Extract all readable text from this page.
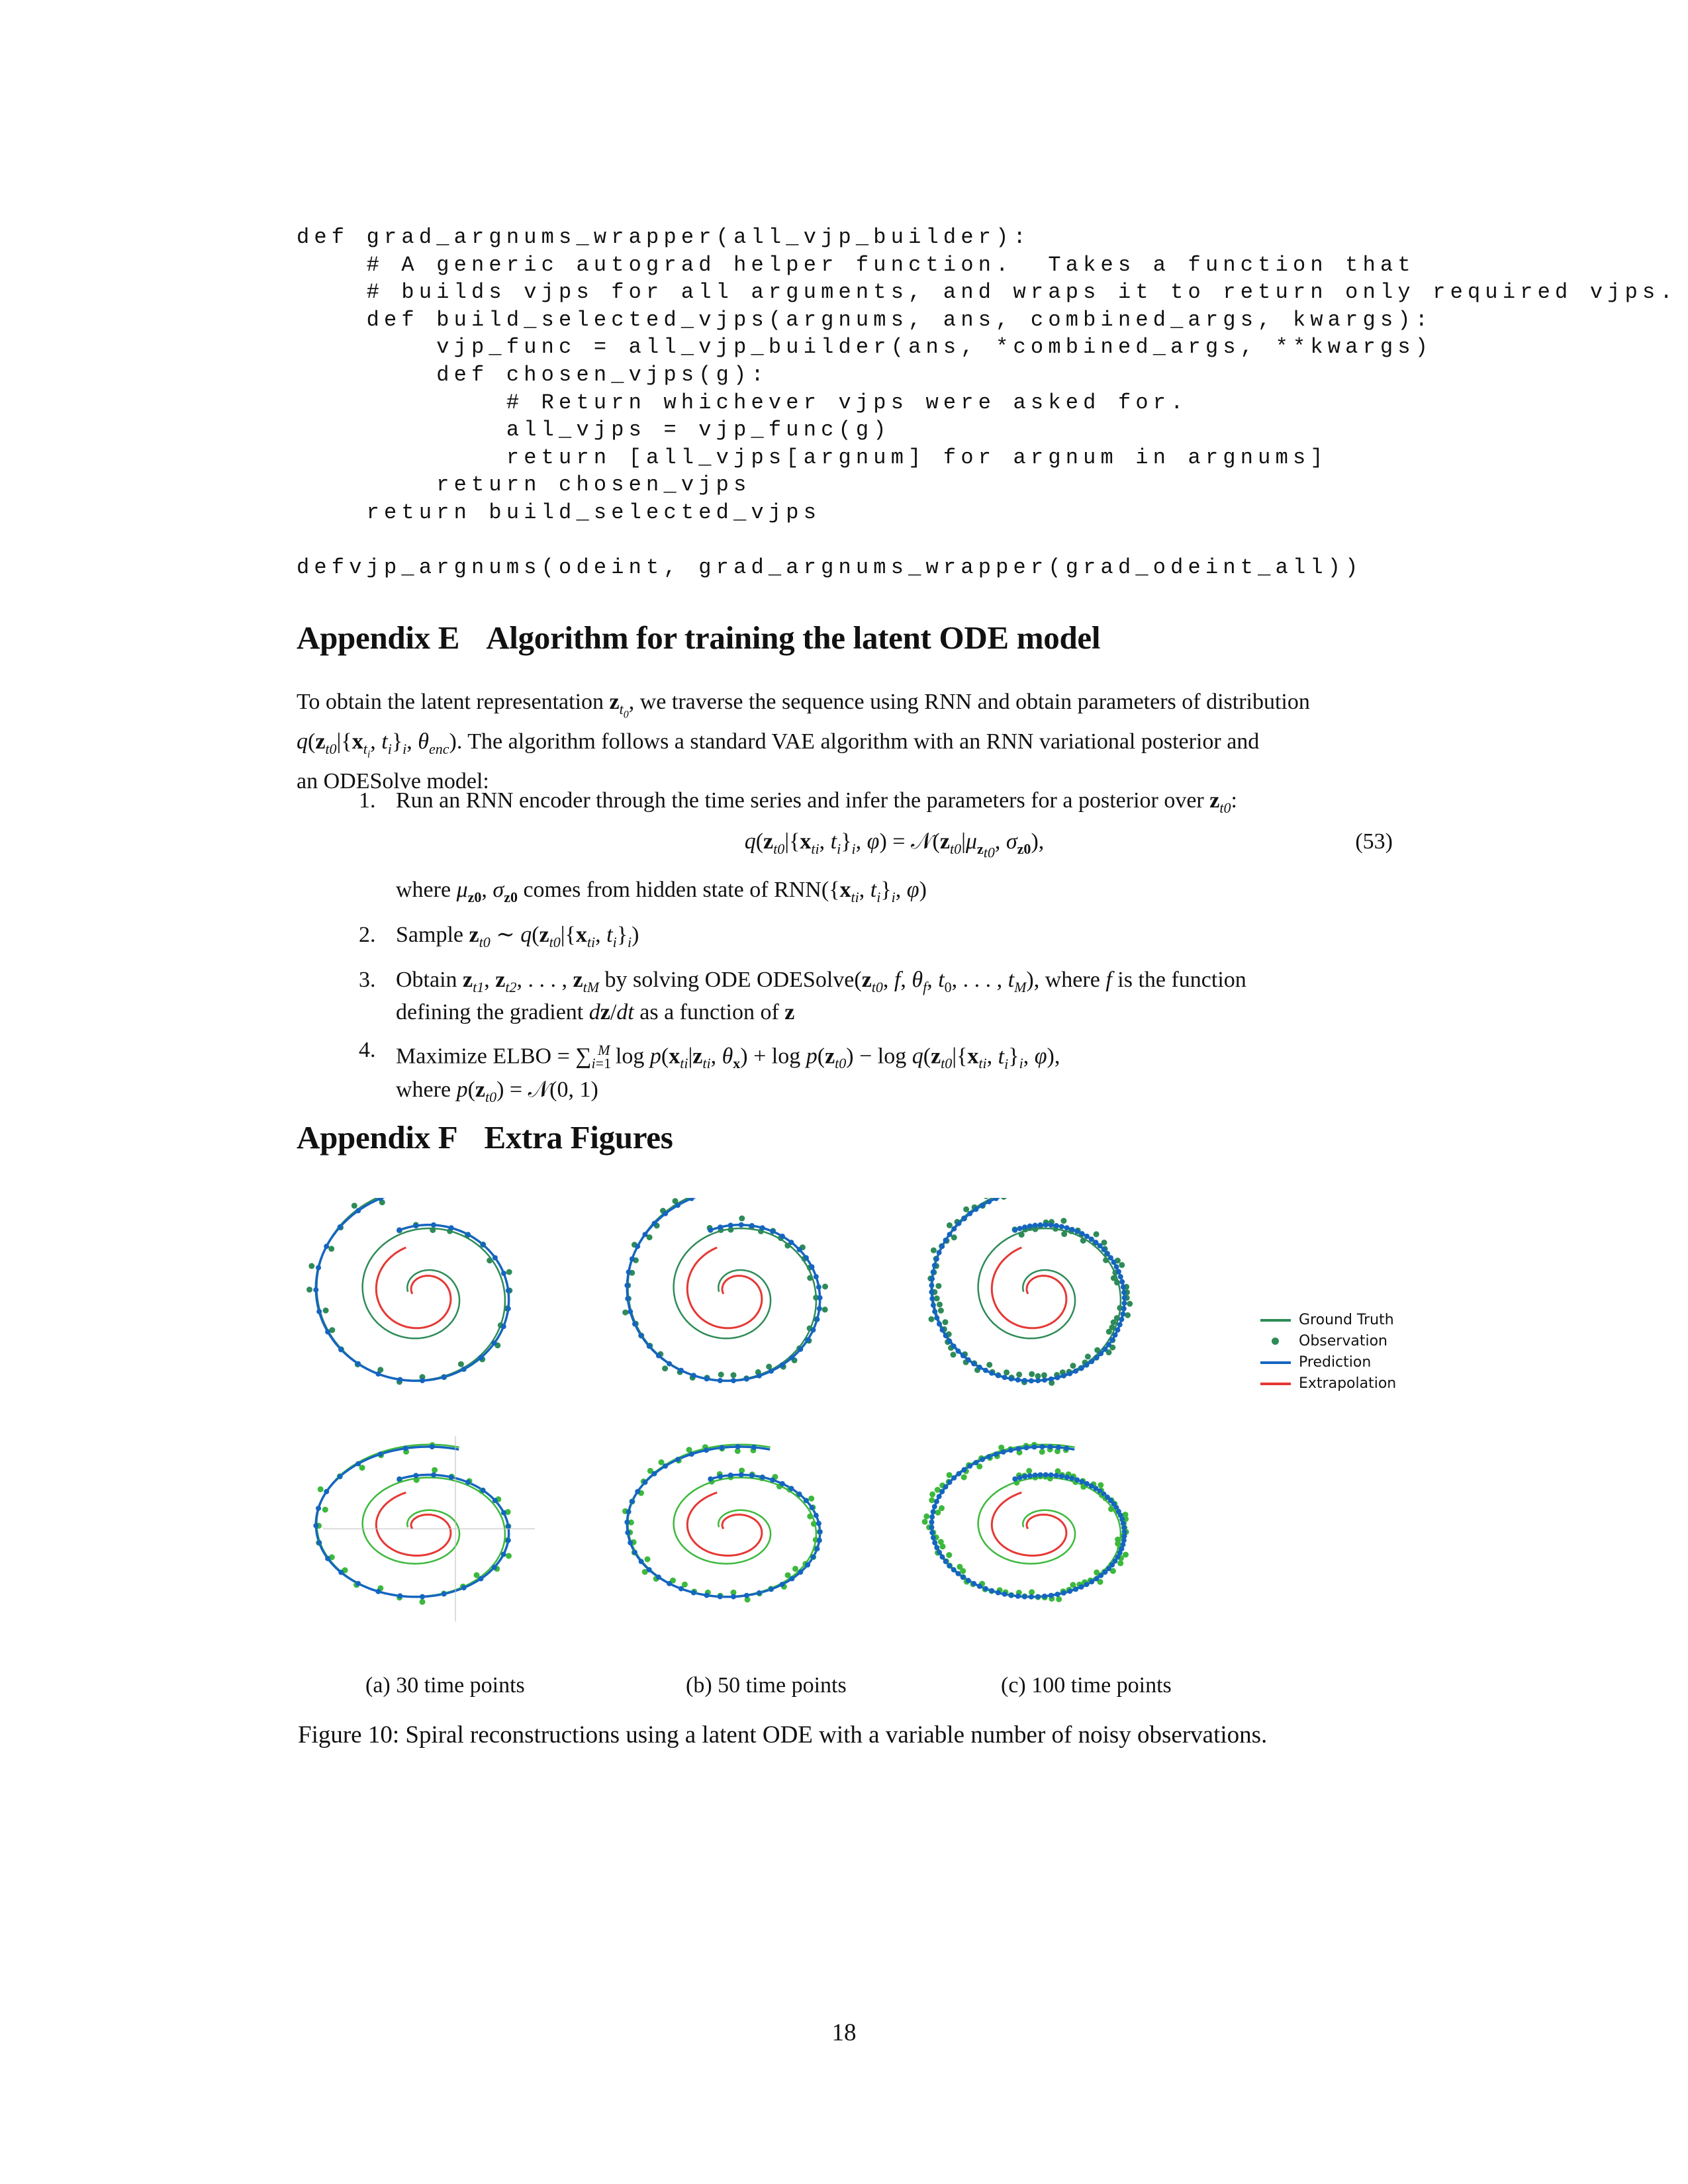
def grad_argnums_wrapper(all_vjp_builder):
# A generic autograd helper function.  Takes a function that
# builds vjps for all arguments, and wraps it to return only required vjps.
def build_selected_vjps(argnums, ans, combined_args, kwargs):
vjp_func = all_vjp_builder(ans, *combined_args, **kwargs)
def chosen_vjps(g):
# Return whichever vjps were asked for.
all_vjps = vjp_func(g)
return [all_vjps[argnum] for argnum in argnums]
return chosen_vjps
return build_selected_vjps

defvjp_argnums(odeint, grad_argnums_wrapper(grad_odeint_all))
Appendix E Algorithm for training the latent ODE model
To obtain the latent representation $z_{t_0}$, we traverse the sequence using RNN and obtain parameters of distribution
$q(z_{t0}|\{x_{t_i}$, $t_i\}_i$, $\theta_{enc}$). The algorithm follows a standard VAE algorithm with an RNN variational posterior and
an ODESolve model:
1. Run an RNN encoder through the time series and infer the parameters for a posterior over $z_{t0}$:
$q(z_{t0}|\{x_{ti}$, $t_i\}_i$, $\varphi) = 𝒩(z_{t0}|\mu_{z_{t0}}$, $\sigma_{z0}$),	(53)
where $\mu_{z0}$, $\sigma_{z0}$ comes from hidden state of $RNN(\{x_{ti}$, $t_i\}_i$, φ)
2. Sample $z_{t0}$ ∼ $q(z_{t0}|\{x_{ti}$, $t_i\}_i$)
3. Obtain $z_{t1}$, $z_{t2}$, . . . , $z_{tM}$ by solving ODE $ODESolve(z_{t0}$, f, $\theta_f$, $t_0$, . . . , $t_M$), where f is the function
defining the gradient dz/dt as a function of z
4. Maximize ELBO = $\sum_{i=1}^M$ $\log p(x_{ti}|z_{ti}$, $\theta_x) + \log p(z_{t0}) - \log q(z_{t0}|\{x_{ti}$, $t_i\}_i$, φ),
where $p(z_{t0})$ = 𝒩(0, 1)
Appendix F Extra Figures
Ground Truth
Observation
Prediction
Extrapolation
(a) 30 time points	(b) 50 time points	(c) 100 time points
Figure 10: Spiral reconstructions using a latent ODE with a variable number of noisy observations.
18
